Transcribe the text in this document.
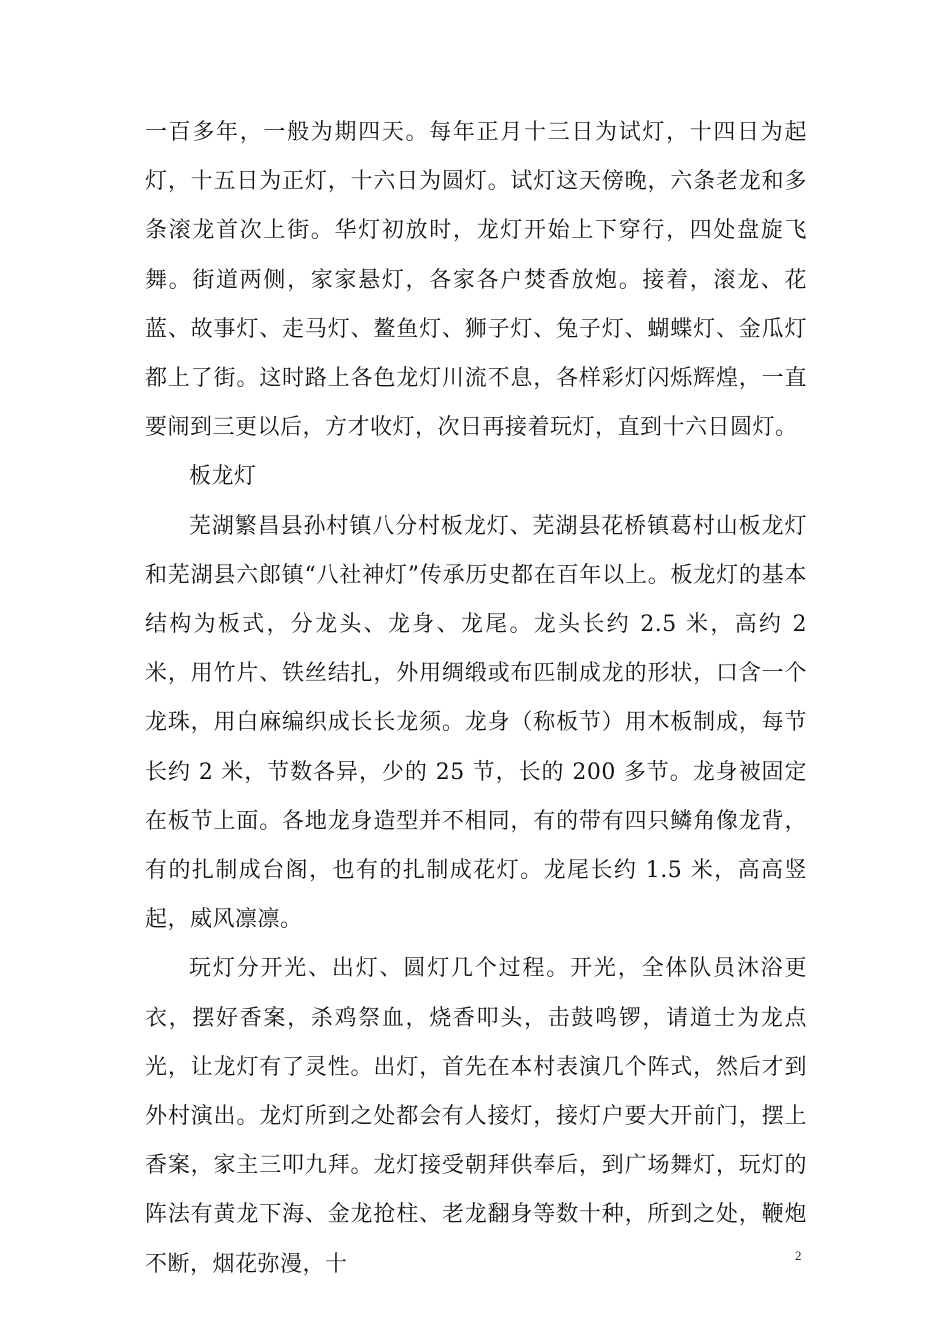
一百多年，一般为期四天。每年正月十三日为试灯，十四日为起灯，十五日为正灯，十六日为圆灯。试灯这天傍晚，六条老龙和多条滚龙首次上街。华灯初放时，龙灯开始上下穿行，四处盘旋飞舞。街道两侧，家家悬灯，各家各户焚香放炮。接着，滚龙、花蓝、故事灯、走马灯、鳌鱼灯、狮子灯、兔子灯、蝴蝶灯、金瓜灯都上了街。这时路上各色龙灯川流不息，各样彩灯闪烁辉煌，一直要闹到三更以后，方才收灯，次日再接着玩灯，直到十六日圆灯。

板龙灯

芜湖繁昌县孙村镇八分村板龙灯、芜湖县花桥镇葛村山板龙灯和芜湖县六郎镇“八社神灯”传承历史都在百年以上。板龙灯的基本结构为板式，分龙头、龙身、龙尾。龙头长约 2.5 米，高约 2 米，用竹片、铁丝结扎，外用绸缎或布匹制成龙的形状，口含一个龙珠，用白麻编织成长长龙须。龙身（称板节）用木板制成，每节长约 2 米，节数各异，少的 25 节，长的 200 多节。龙身被固定在板节上面。各地龙身造型并不相同，有的带有四只鳞角像龙背，有的扎制成台阁，也有的扎制成花灯。龙尾长约 1.5 米，高高竖起，威风凛凛。

玩灯分开光、出灯、圆灯几个过程。开光，全体队员沐浴更衣，摆好香案，杀鸡祭血，烧香叩头，击鼓鸣锣，请道士为龙点光，让龙灯有了灵性。出灯，首先在本村表演几个阵式，然后才到外村演出。龙灯所到之处都会有人接灯，接灯户要大开前门，摆上香案，家主三叩九拜。龙灯接受朝拜供奉后，到广场舞灯，玩灯的阵法有黄龙下海、金龙抢柱、老龙翻身等数十种，所到之处，鞭炮不断，烟花弥漫，十	2
